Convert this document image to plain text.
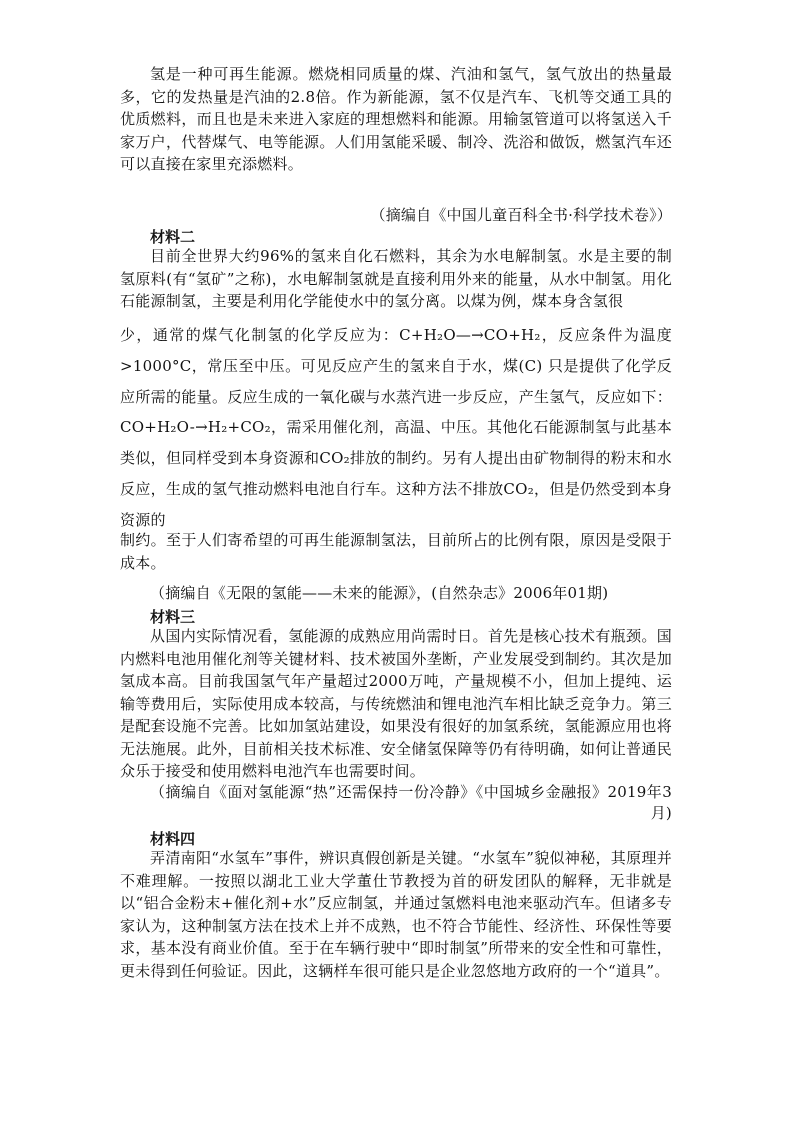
氢是一种可再生能源。燃烧相同质量的煤、汽油和氢气，氢气放出的热量最多，它的发热量是汽油的2.8倍。作为新能源，氢不仅是汽车、飞机等交通工具的优质燃料，而且也是未来进入家庭的理想燃料和能源。用输氢管道可以将氢送入千家万户，代替煤气、电等能源。人们用氢能采暖、制冷、洗浴和做饭，燃氢汽车还可以直接在家里充添燃料。

（摘编自《中国儿童百科全书·科学技术卷》）

材料二

目前全世界大约96%的氢来自化石燃料，其余为水电解制氢。水是主要的制氢原料(有“氢矿”之称)，水电解制氢就是直接利用外来的能量，从水中制氢。用化石能源制氢，主要是利用化学能使水中的氢分离。以煤为例，煤本身含氢很

少，通常的煤气化制氢的化学反应为：C+H₂O—→CO+H₂，反应条件为温度>1000°C，常压至中压。可见反应产生的氢来自于水，煤(C) 只是提供了化学反应所需的能量。反应生成的一氧化碳与水蒸汽进一步反应，产生氢气，反应如下：CO+H₂O-→H₂+CO₂，需采用催化剂，高温、中压。其他化石能源制氢与此基本类似，但同样受到本身资源和CO₂排放的制约。另有人提出由矿物制得的粉末和水反应，生成的氢气推动燃料电池自行车。这种方法不排放CO₂，但是仍然受到本身资源的

制约。至于人们寄希望的可再生能源制氢法，目前所占的比例有限，原因是受限于成本。

（摘编自《无限的氢能——未来的能源》，(自然杂志》2006年01期)

材料三

从国内实际情况看，氢能源的成熟应用尚需时日。首先是核心技术有瓶颈。国内燃料电池用催化剂等关键材料、技术被国外垄断，产业发展受到制约。其次是加氢成本高。目前我国氢气年产量超过2000万吨，产量规模不小，但加上提纯、运输等费用后，实际使用成本较高，与传统燃油和锂电池汽车相比缺乏竞争力。第三是配套设施不完善。比如加氢站建设，如果没有很好的加氢系统，氢能源应用也将无法施展。此外，目前相关技术标准、安全储氢保障等仍有待明确，如何让普通民众乐于接受和使用燃料电池汽车也需要时间。

（摘编自《面对氢能源“热”还需保持一份冷静》《中国城乡金融报》2019年3月)

材料四

弄清南阳“水氢车”事件，辨识真假创新是关键。“水氢车”貌似神秘，其原理并不难理解。一按照以湖北工业大学董仕节教授为首的研发团队的解释，无非就是以“铝合金粉末+催化剂+水”反应制氢，并通过氢燃料电池来驱动汽车。但诸多专家认为，这种制氢方法在技术上并不成熟，也不符合节能性、经济性、环保性等要求，基本没有商业价值。至于在车辆行驶中“即时制氢”所带来的安全性和可靠性，更未得到任何验证。因此，这辆样车很可能只是企业忽悠地方政府的一个“道具”。
